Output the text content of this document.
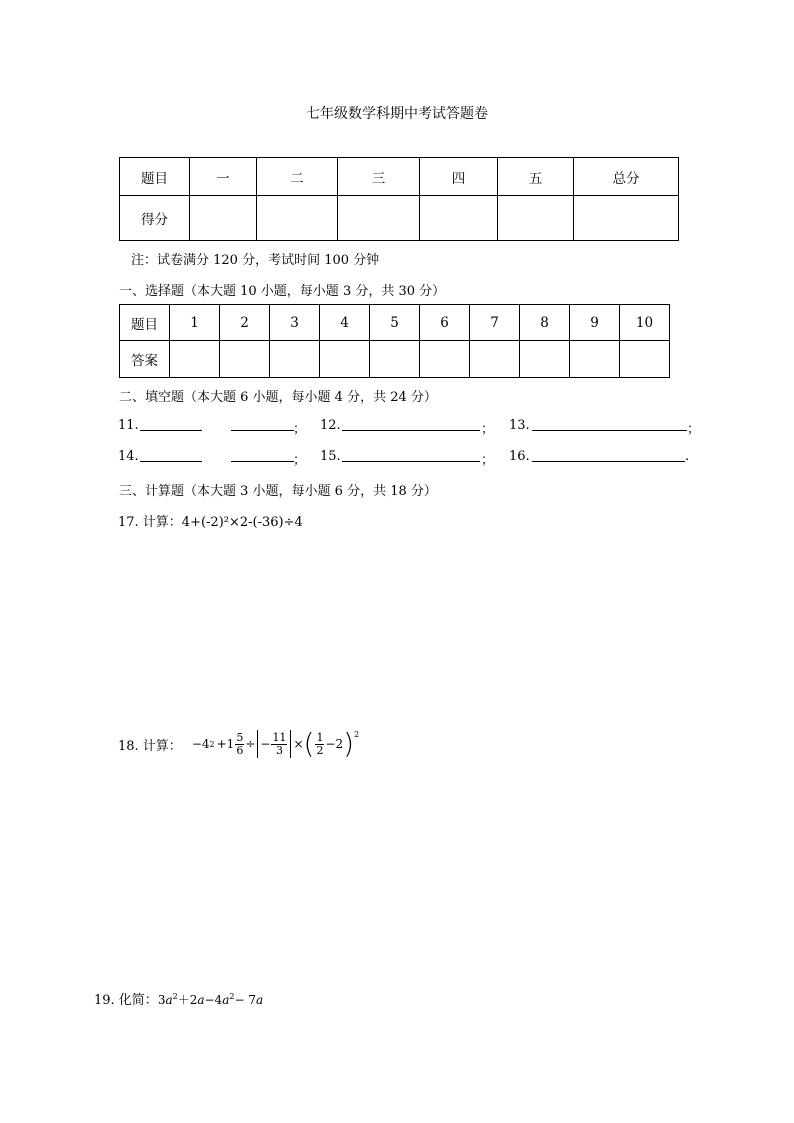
七年级数学科期中考试答题卷
题目	一	二	三	四	五	总分
得分						
注：试卷满分 120 分，考试时间 100 分钟
一、选择题（本大题 10 小题，每小题 3 分，共 30 分）
题目	1	2	3	4	5	6	7	8	9	10
答案										
二、填空题（本大题 6 小题，每小题 4 分，共 24 分）
11.	； 12.	； 13.	；
14.	； 15.	； 16.	.
三、计算题（本大题 3 小题，每小题 6 分，共 18 分）
17. 计算：4+(-2)²×2-(-36)÷4
18. 计算： −4 $2 +1 \frac{5}{6}$ ÷ − $\frac{11}{3}$ × ( $\frac{1}{2} -2$ )$^2$
19. 化简：$3a^2+2a-4a^2- 7a$
